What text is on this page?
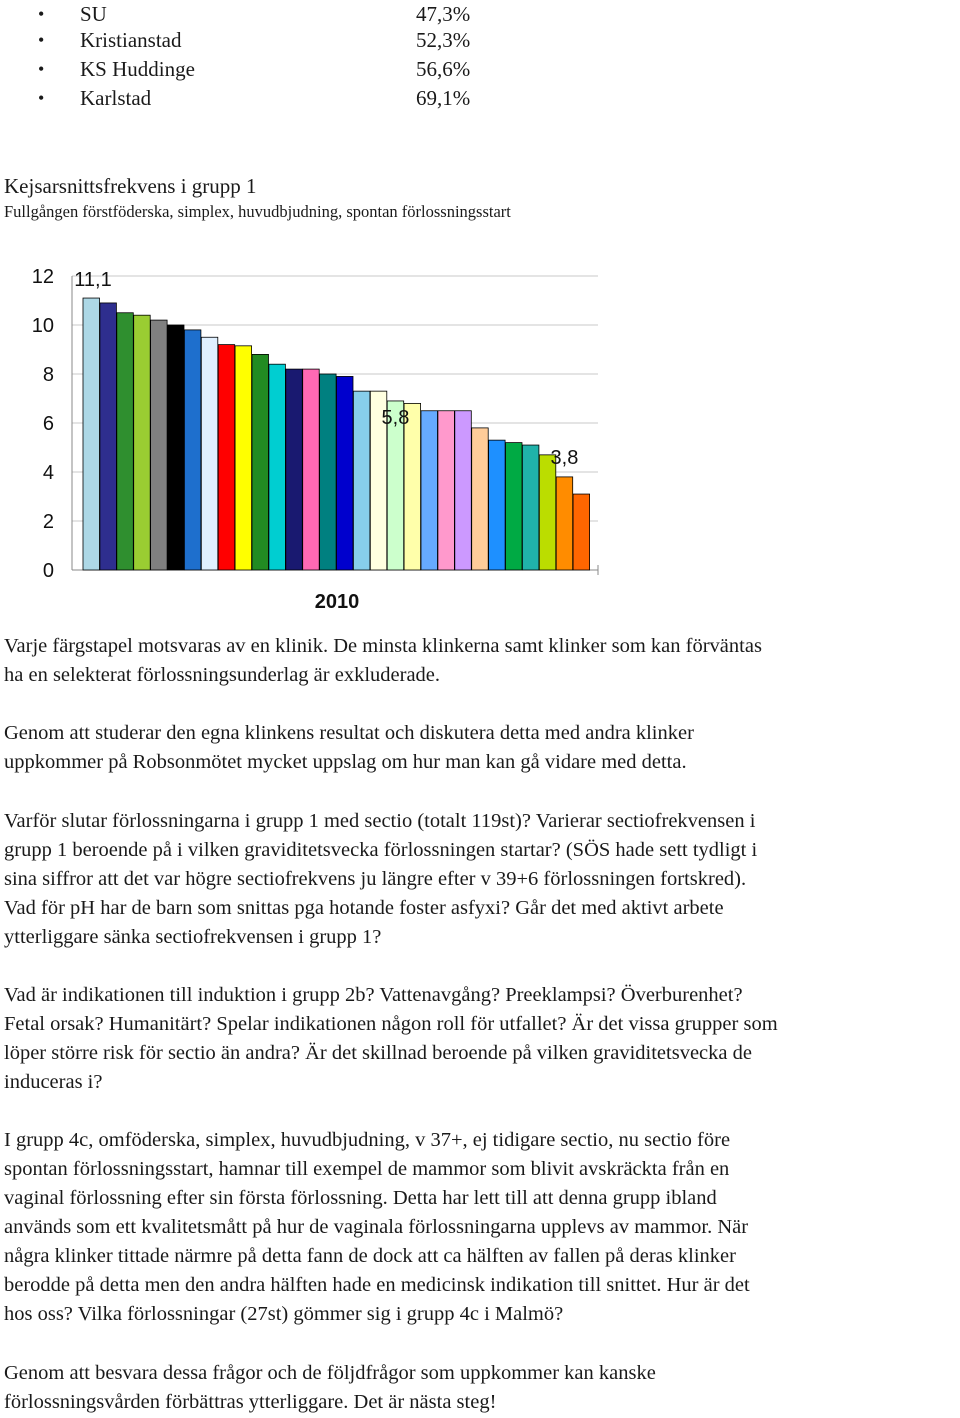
• SU	47,3%
• Kristianstad	52,3%
• KS Huddinge	56,6%
• Karlstad	69,1%
Kejsarsnittsfrekvens i grupp 1

Fullgången förstföderska, simplex, huvudbjudning, spontan förlossningsstart

0
2
4
6
8
10
12 11,1
5,8
3,8
2010
Varje färgstapel motsvaras av en klinik. De minsta klinkerna samt klinker som kan förväntas
ha en selekterat förlossningsunderlag är exkluderade.
Genom att studerar den egna klinkens resultat och diskutera detta med andra klinker
uppkommer på Robsonmötet mycket uppslag om hur man kan gå vidare med detta.
Varför slutar förlossningarna i grupp 1 med sectio (totalt 119st)? Varierar sectiofrekvensen i
grupp 1 beroende på i vilken graviditetsvecka förlossningen startar? (SÖS hade sett tydligt i
sina siffror att det var högre sectiofrekvens ju längre efter v 39+6 förlossningen fortskred).
Vad för pH har de barn som snittas pga hotande foster asfyxi? Går det med aktivt arbete
ytterliggare sänka sectiofrekvensen i grupp 1?
Vad är indikationen till induktion i grupp 2b? Vattenavgång? Preeklampsi? Överburenhet?
Fetal orsak? Humanitärt? Spelar indikationen någon roll för utfallet? Är det vissa grupper som
löper större risk för sectio än andra? Är det skillnad beroende på vilken graviditetsvecka de
induceras i?
I grupp 4c, omföderska, simplex, huvudbjudning, v 37+, ej tidigare sectio, nu sectio före
spontan förlossningsstart, hamnar till exempel de mammor som blivit avskräckta från en
vaginal förlossning efter sin första förlossning. Detta har lett till att denna grupp ibland
används som ett kvalitetsmått på hur de vaginala förlossningarna upplevs av mammor. När
några klinker tittade närmre på detta fann de dock att ca hälften av fallen på deras klinker
berodde på detta men den andra hälften hade en medicinsk indikation till snittet. Hur är det
hos oss? Vilka förlossningar (27st) gömmer sig i grupp 4c i Malmö?
Genom att besvara dessa frågor och de följdfrågor som uppkommer kan kanske
förlossningsvården förbättras ytterliggare. Det är nästa steg!
